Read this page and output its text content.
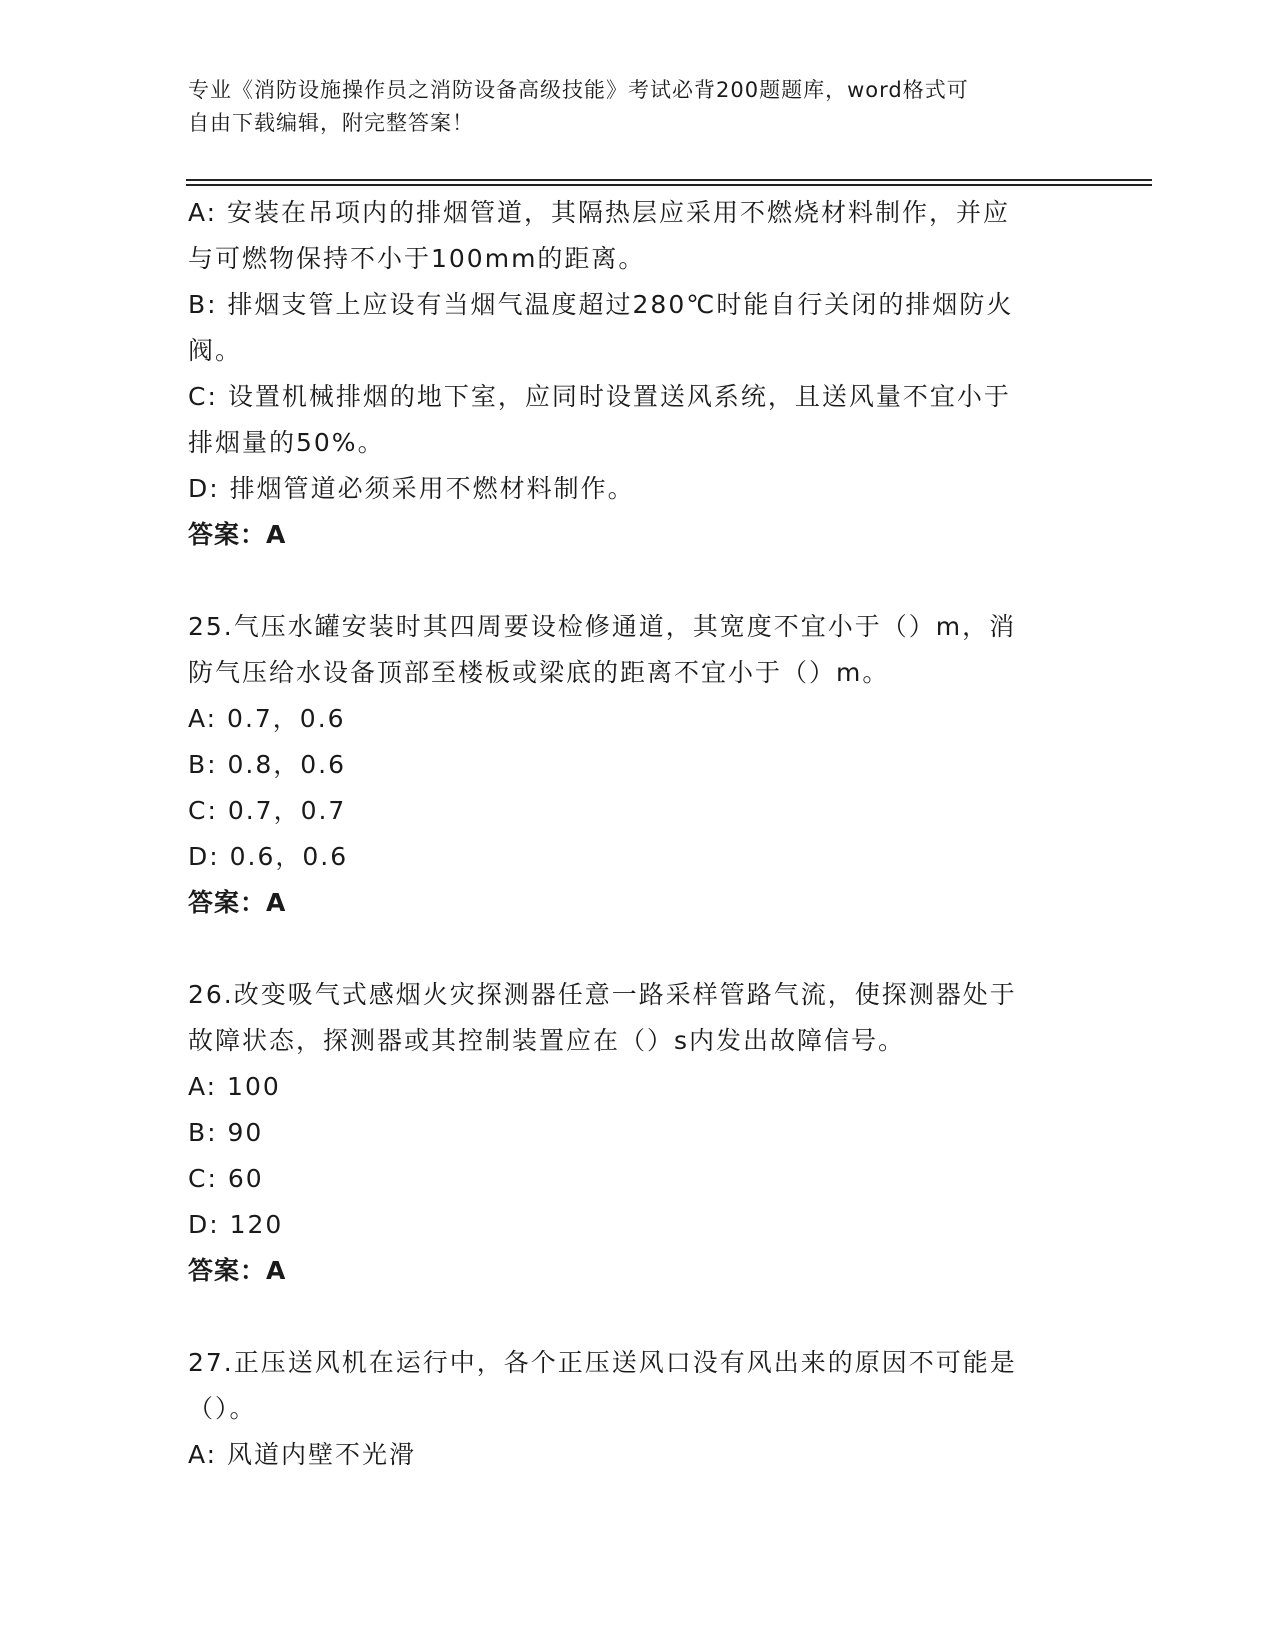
专业《消防设施操作员之消防设备高级技能》考试必背200题题库，word格式可
自由下载编辑，附完整答案！
A: 安装在吊项内的排烟管道，其隔热层应采用不燃烧材料制作，并应
与可燃物保持不小于100mm的距离。
B: 排烟支管上应设有当烟气温度超过280℃时能自行关闭的排烟防火
阀。
C: 设置机械排烟的地下室，应同时设置送风系统，且送风量不宜小于
排烟量的50%。
D: 排烟管道必须采用不燃材料制作。
答案：A
25.气压水罐安装时其四周要设检修通道，其宽度不宜小于（）m，消
防气压给水设备顶部至楼板或梁底的距离不宜小于（）m。
A: 0.7，0.6
B: 0.8，0.6
C: 0.7，0.7
D: 0.6，0.6
答案：A
26.改变吸气式感烟火灾探测器任意一路采样管路气流，使探测器处于
故障状态，探测器或其控制装置应在（）s内发出故障信号。
A: 100
B: 90
C: 60
D: 120
答案：A
27.正压送风机在运行中，各个正压送风口没有风出来的原因不可能是
（）。
A: 风道内壁不光滑
